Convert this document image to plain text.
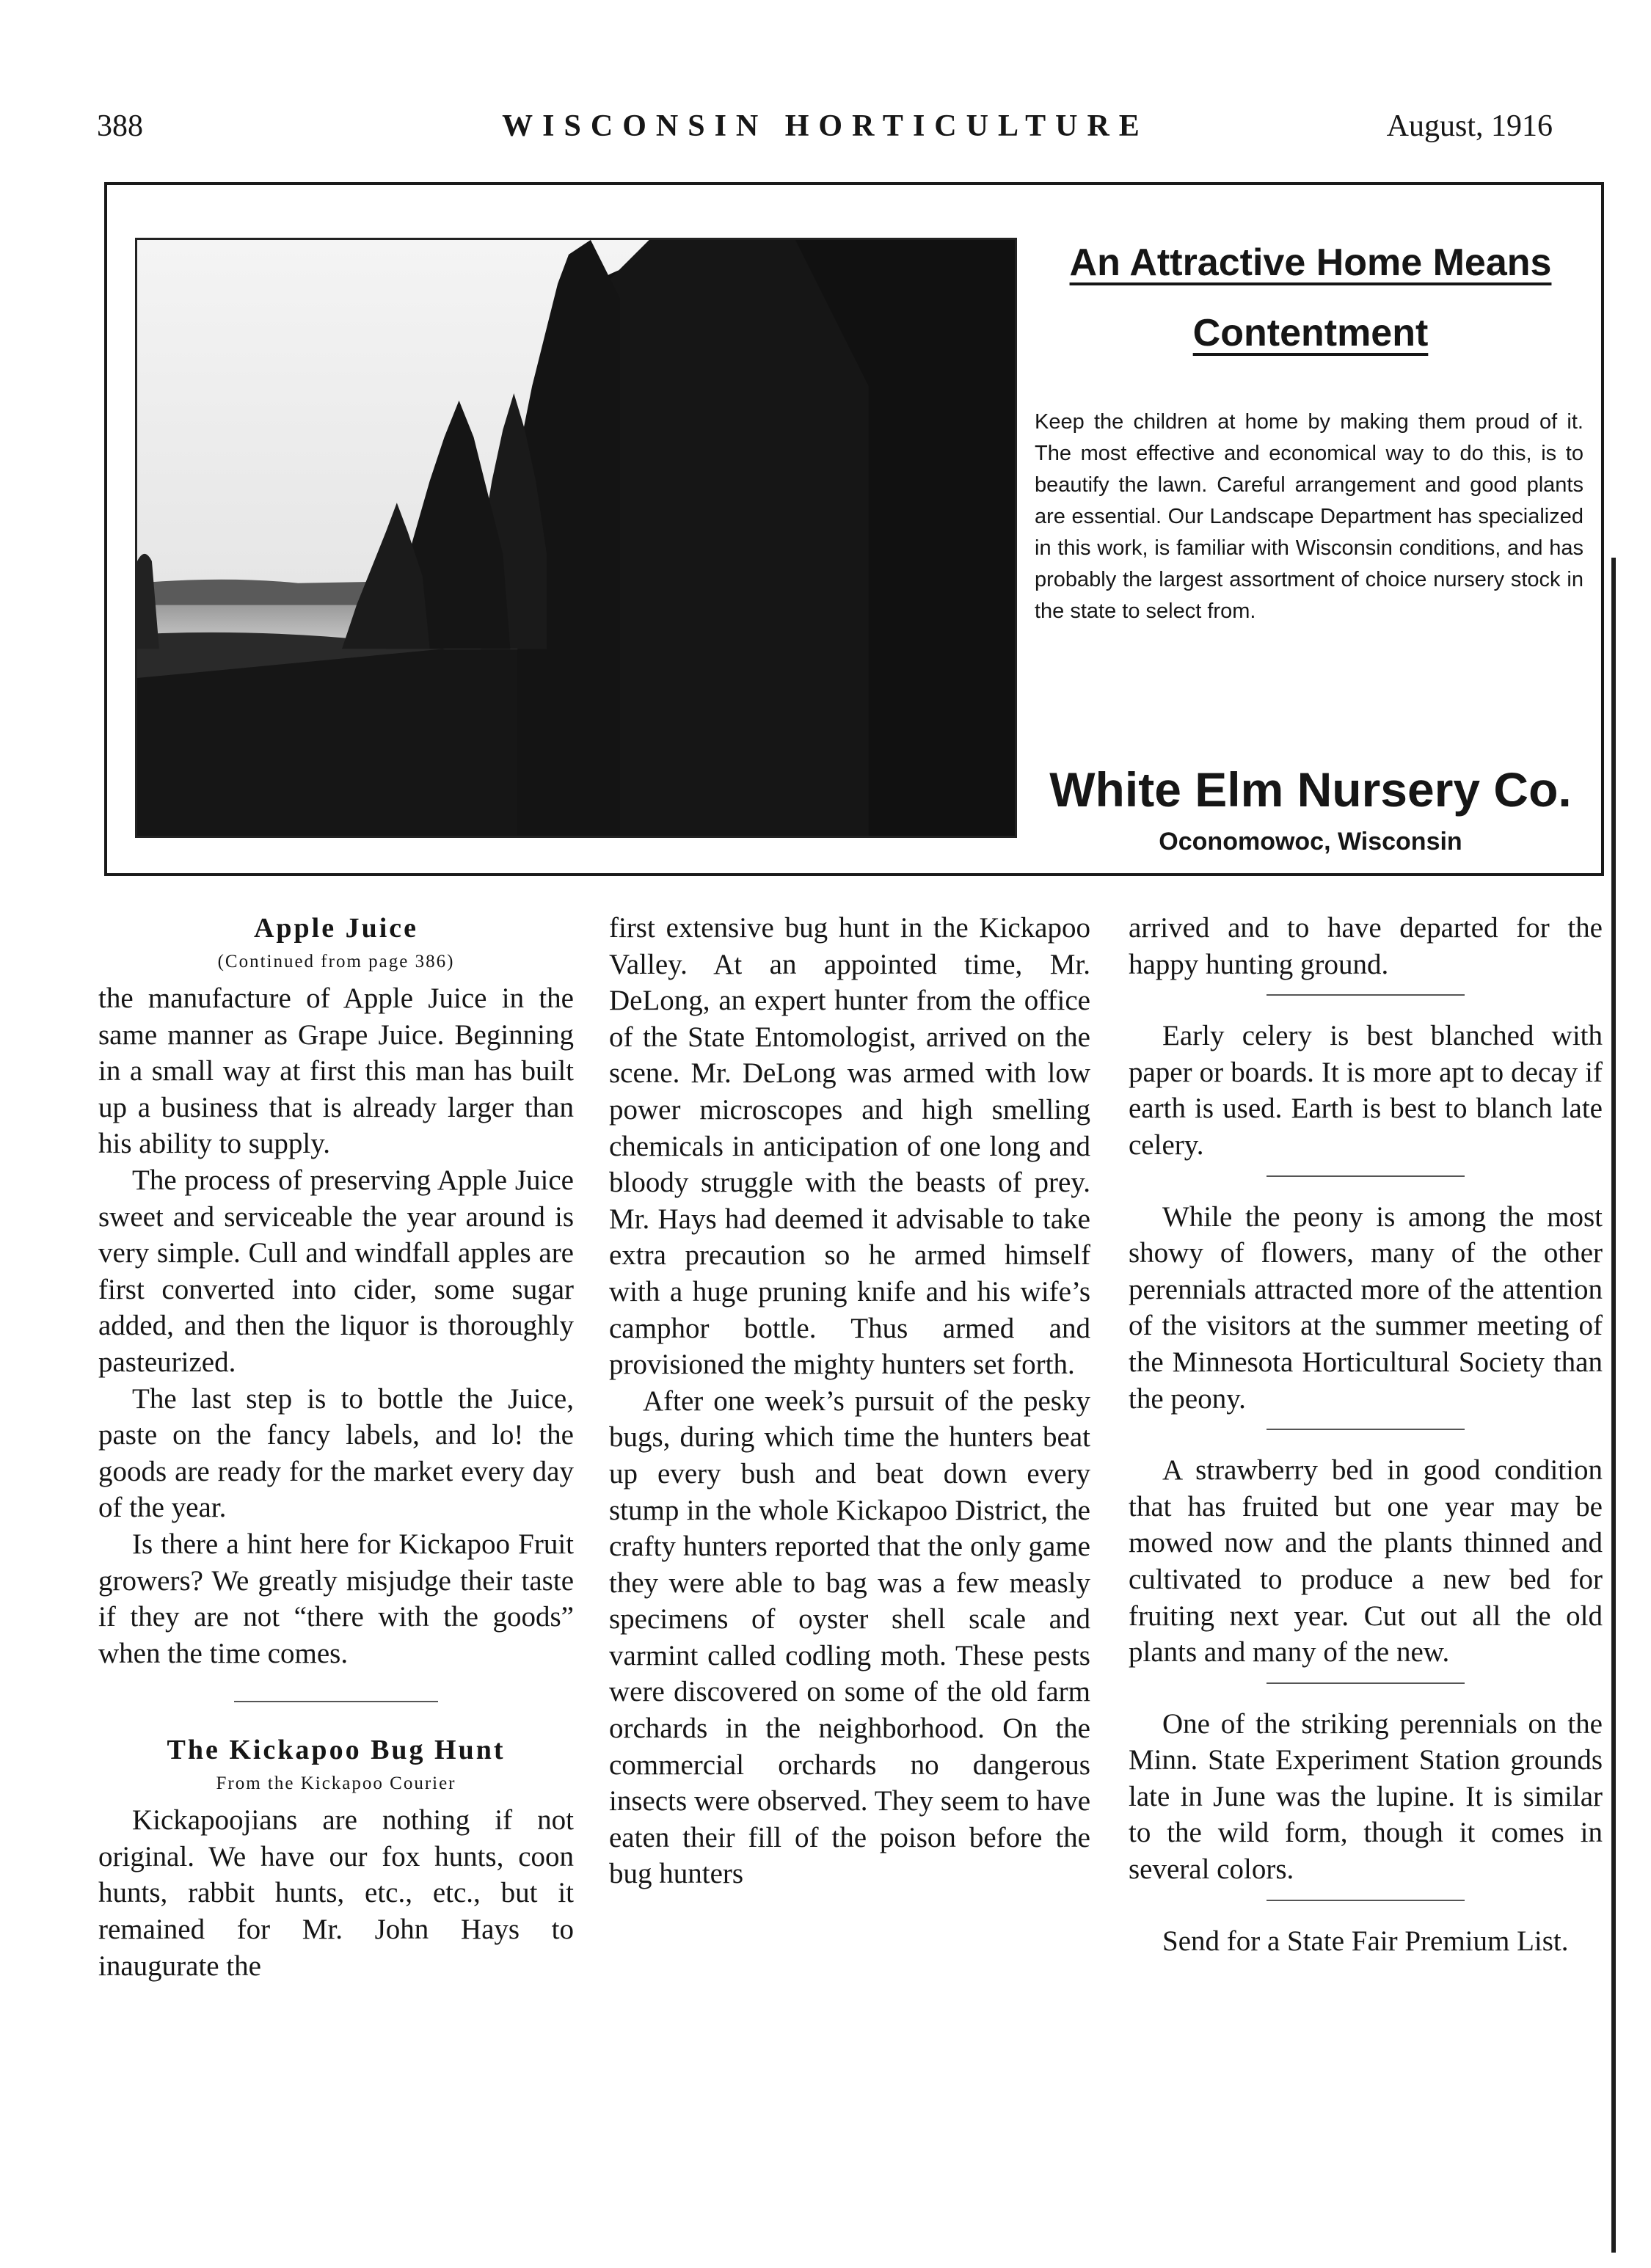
388	WISCONSIN HORTICULTURE	August, 1916
An Attractive Home Means
Contentment
Keep the children at home by making them proud of it. The most effective and economical way to do this, is to beautify the lawn. Careful arrangement and good plants are essential. Our Landscape Department has specialized in this work, is familiar with Wisconsin conditions, and has probably the largest assortment of choice nursery stock in the state to select from.
White Elm Nursery Co.
Oconomowoc, Wisconsin
Apple Juice
(Continued from page 386)

the manufacture of Apple Juice in the same manner as Grape Juice. Beginning in a small way at first this man has built up a business that is already larger than his ability to supply.

The process of preserving Apple Juice sweet and serviceable the year around is very simple. Cull and windfall apples are first converted into cider, some sugar added, and then the liquor is thoroughly pasteurized.

The last step is to bottle the Juice, paste on the fancy labels, and lo! the goods are ready for the market every day of the year.

Is there a hint here for Kickapoo Fruit growers? We greatly misjudge their taste if they are not “there with the goods” when the time comes.

The Kickapoo Bug Hunt
From the Kickapoo Courier

Kickapoojians are nothing if not original. We have our fox hunts, coon hunts, rabbit hunts, etc., etc., but it remained for Mr. John Hays to inaugurate the

first extensive bug hunt in the Kickapoo Valley. At an appointed time, Mr. DeLong, an expert hunter from the office of the State Entomologist, arrived on the scene. Mr. DeLong was armed with low power microscopes and high smelling chemicals in anticipation of one long and bloody struggle with the beasts of prey. Mr. Hays had deemed it advisable to take extra precaution so he armed himself with a huge pruning knife and his wife’s camphor bottle. Thus armed and provisioned the mighty hunters set forth.

After one week’s pursuit of the pesky bugs, during which time the hunters beat up every bush and beat down every stump in the whole Kickapoo District, the crafty hunters reported that the only game they were able to bag was a few measly specimens of oyster shell scale and varmint called codling moth. These pests were discovered on some of the old farm orchards in the neighborhood. On the commercial orchards no dangerous insects were observed. They seem to have eaten their fill of the poison before the bug hunters

arrived and to have departed for the happy hunting ground.

Early celery is best blanched with paper or boards. It is more apt to decay if earth is used. Earth is best to blanch late celery.

While the peony is among the most showy of flowers, many of the other perennials attracted more of the attention of the visitors at the summer meeting of the Minnesota Horticultural Society than the peony.

A strawberry bed in good condition that has fruited but one year may be mowed now and the plants thinned and cultivated to produce a new bed for fruiting next year. Cut out all the old plants and many of the new.

One of the striking perennials on the Minn. State Experiment Station grounds late in June was the lupine. It is similar to the wild form, though it comes in several colors.

Send for a State Fair Premium List.
